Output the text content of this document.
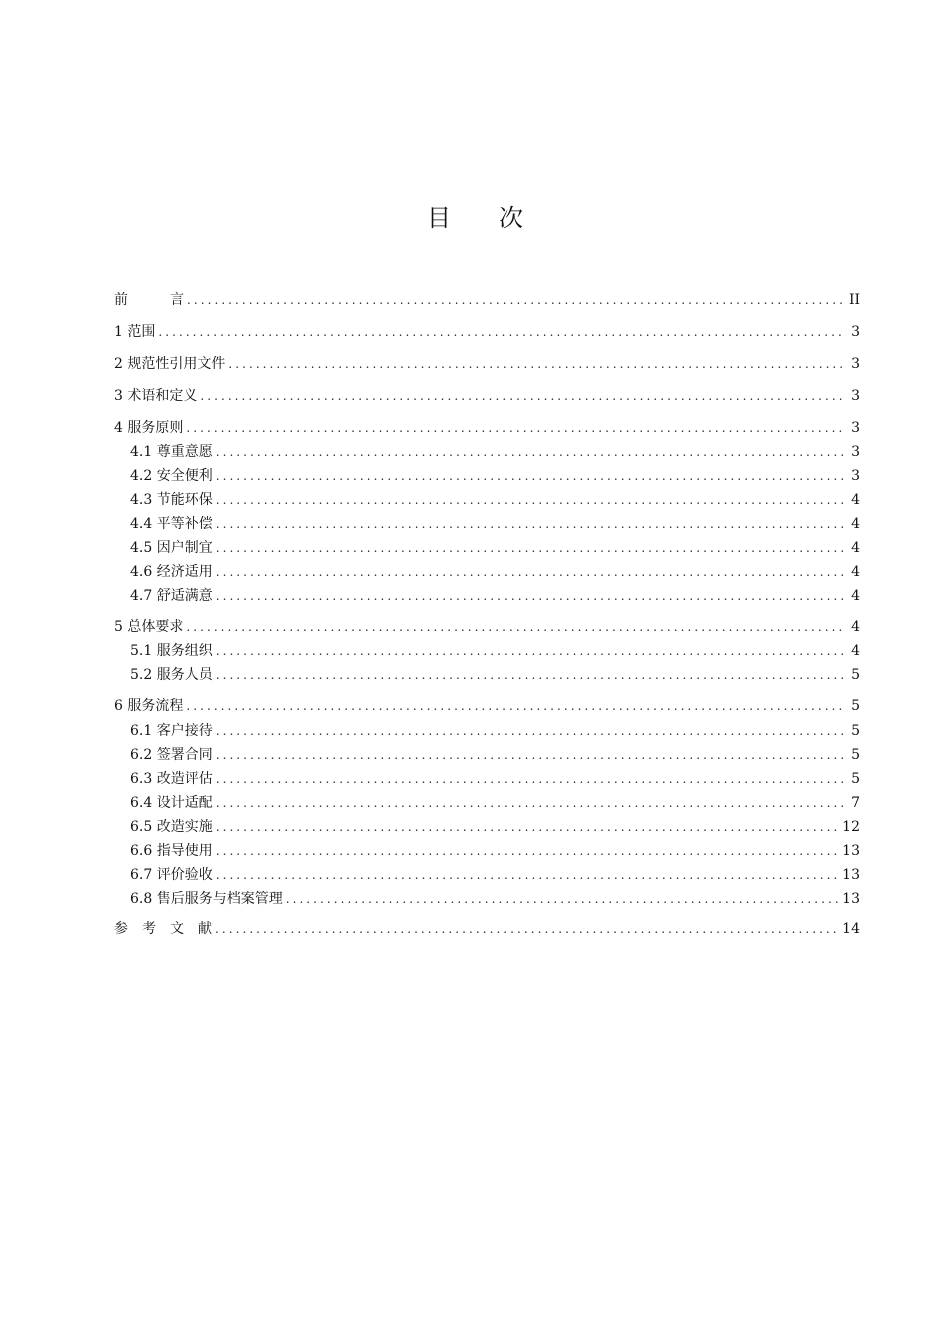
目　　次
前　　　言 .....	II
1 范围 .....	3
2 规范性引用文件 .....	3
3 术语和定义 .....	3
4 服务原则 .....	3
4.1 尊重意愿 .....	3
4.2 安全便利 .....	3
4.3 节能环保 .....	4
4.4 平等补偿 .....	4
4.5 因户制宜 .....	4
4.6 经济适用 .....	4
4.7 舒适满意 .....	4
5 总体要求 .....	4
5.1 服务组织 .....	4
5.2 服务人员 .....	5
6 服务流程 .....	5
6.1 客户接待 .....	5
6.2 签署合同 .....	5
6.3 改造评估 .....	5
6.4 设计适配 .....	7
6.5 改造实施 .....	12
6.6 指导使用 .....	13
6.7 评价验收 .....	13
6.8 售后服务与档案管理 .....	13
参　考　文　献 .....	14
